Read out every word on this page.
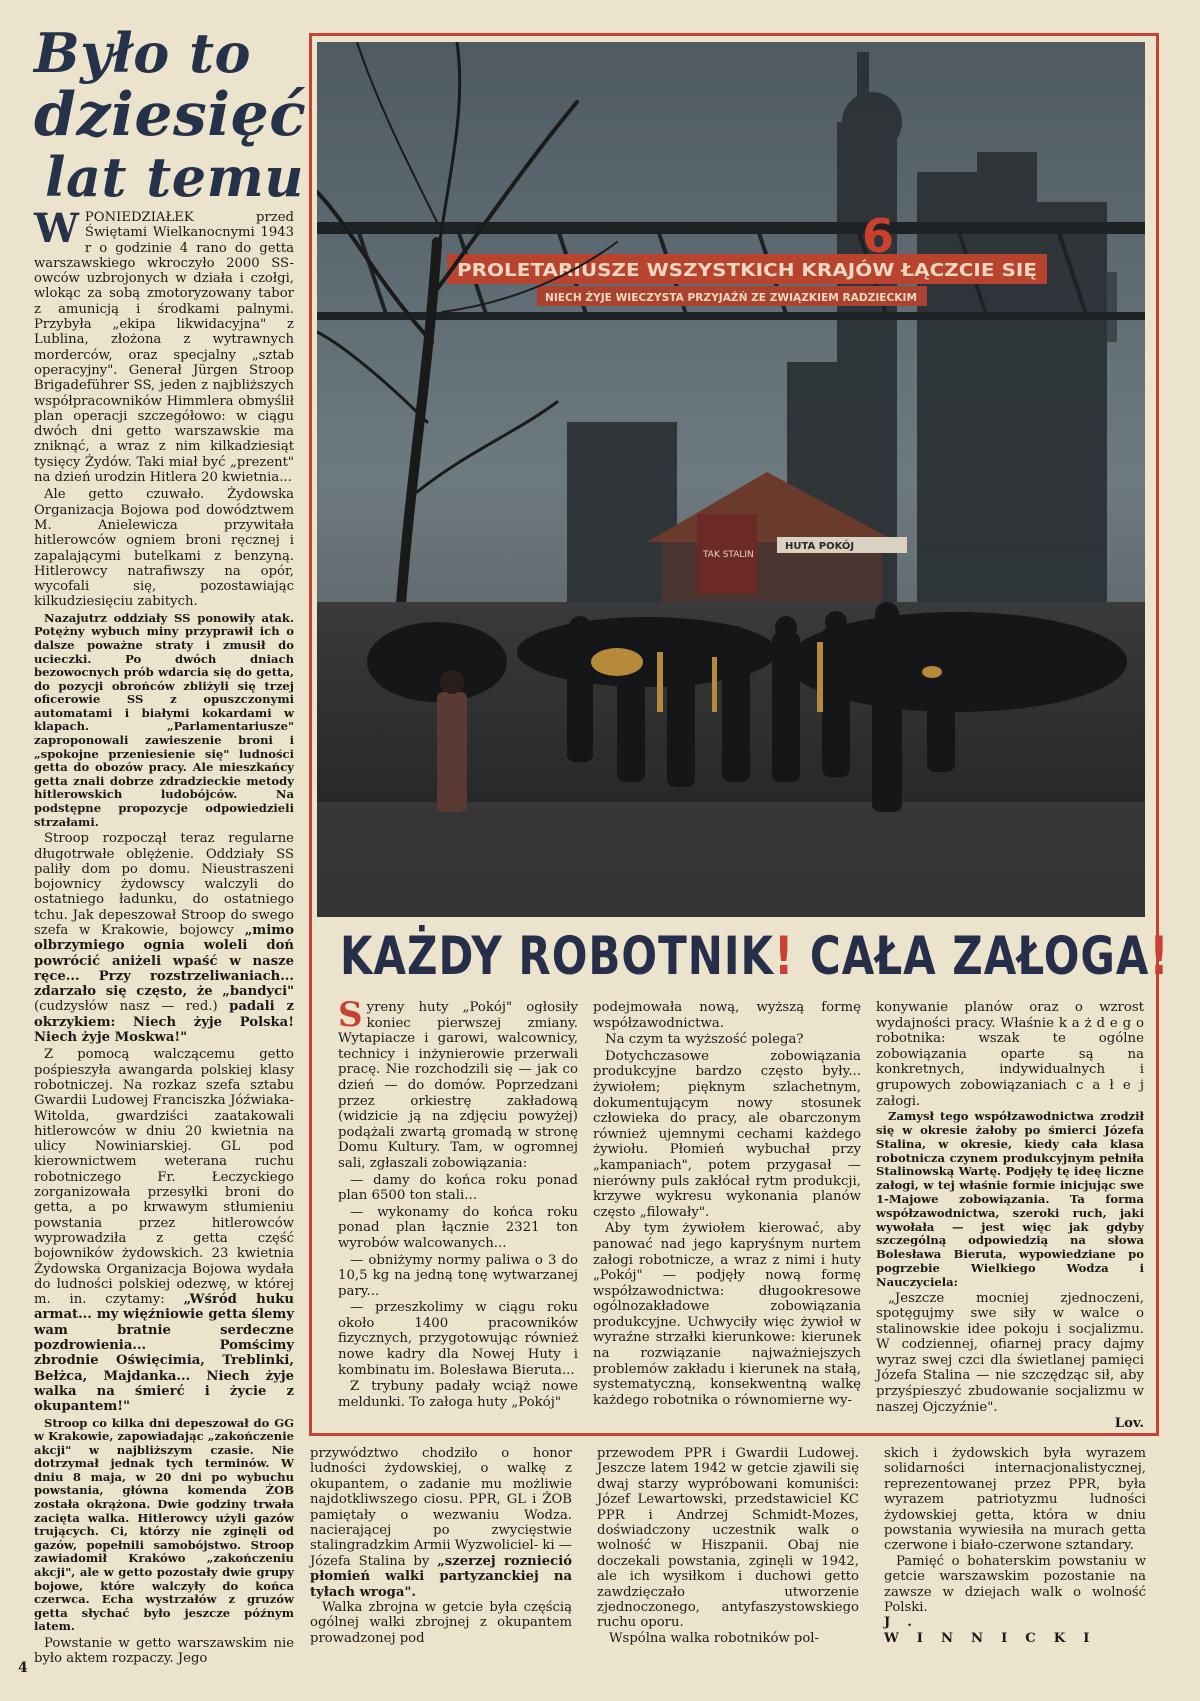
Było to
dziesięć
lat temu

WPONIEDZIAŁEK przed Świętami Wielkanocnymi 1943 r o godzinie 4 rano do getta warszawskiego wkroczyło 2000 SS-owców uzbrojonych w działa i czołgi, wlokąc za sobą zmotoryzowany tabor z amunicją i środkami palnymi. Przybyła „ekipa likwidacyjna" z Lublina, złożona z wytrawnych morderców, oraz specjalny „sztab operacyjny". Generał Jürgen Stroop Brigadeführer SS, jeden z najbliższych współpracowników Himmlera obmyślił plan operacji szczegółowo: w ciągu dwóch dni getto warszawskie ma zniknąć, a wraz z nim kilkadziesiąt tysięcy Żydów. Taki miał być „prezent" na dzień urodzin Hitlera 20 kwietnia...

Ale getto czuwało. Żydowska Organizacja Bojowa pod dowództwem M. Anielewicza przywitała hitlerowców ogniem broni ręcznej i zapalającymi butelkami z benzyną. Hitlerowcy natrafiwszy na opór, wycofali się, pozostawiając kilkudziesięciu zabitych.

Nazajutrz oddziały SS ponowiły atak. Potężny wybuch miny przyprawił ich o dalsze poważne straty i zmusił do ucieczki. Po dwóch dniach bezowocnych prób wdarcia się do getta, do pozycji obrońców zbliżyli się trzej oficerowie SS z opuszczonymi automatami i białymi kokardami w klapach. „Parlamentariusze" zaproponowali zawieszenie broni i „spokojne przeniesienie się" ludności getta do obozów pracy. Ale mieszkańcy getta znali dobrze zdradzieckie metody hitlerowskich ludobójców. Na podstępne propozycje odpowiedzieli strzałami.

Stroop rozpoczął teraz regularne długotrwałe oblężenie. Oddziały SS paliły dom po domu. Nieustraszeni bojownicy żydowscy walczyli do ostatniego ładunku, do ostatniego tchu. Jak depeszował Stroop do swego szefa w Krakowie, bojowcy „mimo olbrzymiego ognia woleli doń powrócić aniżeli wpaść w nasze ręce... Przy rozstrzeliwaniach... zdarzało się często, że „bandyci" (cudzysłów nasz — red.) padali z okrzykiem: Niech żyje Polska! Niech żyje Moskwa!"

Z pomocą walczącemu getto pośpieszyła awangarda polskiej klasy robotniczej. Na rozkaz szefa sztabu Gwardii Ludowej Franciszka Jóźwiaka-Witolda, gwardziści zaatakowali hitlerowców w dniu 20 kwietnia na ulicy Nowiniarskiej. GL pod kierownictwem weterana ruchu robotniczego Fr. Łeczyckiego zorganizowała przesyłki broni do getta, a po krwawym stłumieniu powstania przez hitlerowców wyprowadziła z getta część bojowników żydowskich. 23 kwietnia Żydowska Organizacja Bojowa wydała do ludności polskiej odezwę, w której m. in. czytamy: „Wśród huku armat... my więźniowie getta ślemy wam bratnie serdeczne pozdrowienia... Pomścimy zbrodnie Oświęcimia, Treblinki, Bełżca, Majdanka... Niech żyje walka na śmierć i życie z okupantem!"

Stroop co kilka dni depeszował do GG w Krakowie, zapowiadając „zakończenie akcji" w najbliższym czasie. Nie dotrzymał jednak tych terminów. W dniu 8 maja, w 20 dni po wybuchu powstania, główna komenda ŻOB została okrążona. Dwie godziny trwała zacięta walka. Hitlerowcy użyli gazów trujących. Ci, którzy nie zginęli od gazów, popełnili samobójstwo. Stroop zawiadomił Krakówo „zakończeniu akcji", ale w getto pozostały dwie grupy bojowe, które walczyły do końca czerwca. Echa wystrzałów z gruzów getta słychać było jeszcze późnym latem.

Powstanie w getto warszawskim nie było aktem rozpaczy. Jego

PROLETARIUSZE WSZYSTKICH KRAJÓW ŁĄCZCIE SIĘ
NIECH ŻYJE WIECZYSTA PRZYJAŹŃ ZE ZWIĄZKIEM RADZIECKIM
6
TAK STALIN
HUTA POKÓJ
KAŻDY ROBOTNIK! CAŁA ZAŁOGA!

Syreny huty „Pokój" ogłosiły koniec pierwszej zmiany. Wytapiacze i garowi, walcownicy, technicy i inżynierowie przerwali pracę. Nie rozchodzili się — jak co dzień — do domów. Poprzedzani przez orkiestrę zakładową (widzicie ją na zdjęciu powyżej) podążali zwartą gromadą w stronę Domu Kultury. Tam, w ogromnej sali, zgłaszali zobowiązania:

— damy do końca roku ponad plan 6500 ton stali...

— wykonamy do końca roku ponad plan łącznie 2321 ton wyrobów walcowanych...

— obniżymy normy paliwa o 3 do 10,5 kg na jedną tonę wytwarzanej pary...

— przeszkolimy w ciągu roku około 1400 pracowników fizycznych, przygotowując również nowe kadry dla Nowej Huty i kombinatu im. Bolesława Bieruta...

Z trybuny padały wciąż nowe meldunki. To załoga huty „Pokój"

podejmowała nową, wyższą formę współzawodnictwa.

Na czym ta wyższość polega?

Dotychczasowe zobowiązania produkcyjne bardzo często były... żywiołem; pięknym szlachetnym, dokumentującym nowy stosunek człowieka do pracy, ale obarczonym również ujemnymi cechami każdego żywiołu. Płomień wybuchał przy „kampaniach", potem przygasał — nierówny puls zakłócał rytm produkcji, krzywe wykresu wykonania planów często „filowały".

Aby tym żywiołem kierować, aby panować nad jego kapryśnym nurtem załogi robotnicze, a wraz z nimi i huty „Pokój" — podjęły nową formę współzawodnictwa: długookresowe ogólnozakładowe zobowiązania produkcyjne. Uchwyciły więc żywioł w wyraźne strzałki kierunkowe: kierunek na rozwiązanie najważniejszych problemów zakładu i kierunek na stałą, systematyczną, konsekwentną walkę każdego robotnika o równomierne wy-

konywanie planów oraz o wzrost wydajności pracy. Właśnie k a ż d e g o robotnika: wszak te ogólne zobowiązania oparte są na konkretnych, indywidualnych i grupowych zobowiązaniach c a ł e j załogi.

Zamysł tego współzawodnictwa zrodził się w okresie żałoby po śmierci Józefa Stalina, w okresie, kiedy cała klasa robotnicza czynem produkcyjnym pełniła Stalinowską Wartę. Podjęły tę ideę liczne załogi, w tej właśnie formie inicjując swe 1-Majowe zobowiązania. Ta forma współzawodnictwa, szeroki ruch, jaki wywołała — jest więc jak gdyby szczególną odpowiedzią na słowa Bolesława Bieruta, wypowiedziane po pogrzebie Wielkiego Wodza i Nauczyciela:

„Jeszcze mocniej zjednoczeni, spotęgujmy swe siły w walce o stalinowskie idee pokoju i socjalizmu. W codziennej, ofiarnej pracy dajmy wyraz swej czci dla świetlanej pamięci Józefa Stalina — nie szczędząc sił, aby przyśpieszyć zbudowanie socjalizmu w naszej Ojczyźnie".

Lov.

przywództwo chodziło o honor ludności żydowskiej, o walkę z okupantem, o zadanie mu możliwie najdotkliwszego ciosu. PPR, GL i ŻOB pamiętały o wezwaniu Wodza. nacierającej po zwycięstwie stalingradzkim Armii Wyzwoliciel- ki — Józefa Stalina by „szerzej roznieció płomień walki partyzanckiej na tyłach wroga".

Walka zbrojna w getcie była częścią ogólnej walki zbrojnej z okupantem prowadzonej pod

przewodem PPR i Gwardii Ludowej. Jeszcze latem 1942 w getcie zjawili się dwaj starzy wypróbowani komuniści: Józef Lewartowski, przedstawiciel KC PPR i Andrzej Schmidt-Mozes, doświadczony uczestnik walk o wolność w Hiszpanii. Obaj nie doczekali powstania, zginęli w 1942, ale ich wysiłkom i duchowi getto zawdzięczało utworzenie zjednoczonego, antyfaszystowskiego ruchu oporu.

Wspólna walka robotników pol-

skich i żydowskich była wyrazem solidarności internacjonalistycznej, reprezentowanej przez PPR, była wyrazem patriotyzmu ludności żydowskiej getta, która w dniu powstania wywiesiła na murach getta czerwone i biało-czerwone sztandary.

Pamięć o bohaterskim powstaniu w getcie warszawskim pozostanie na zawsze w dziejach walk o wolność Polski.

J. WINNICKI
4
